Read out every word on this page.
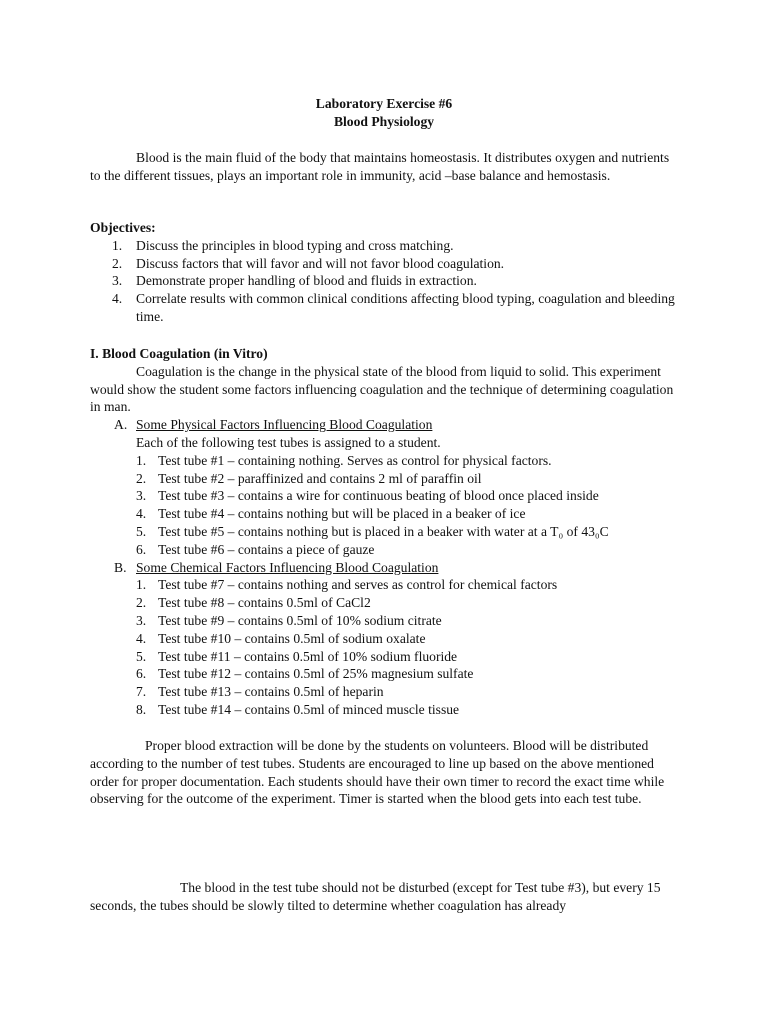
Laboratory Exercise #6
Blood Physiology
Blood is the main fluid of the body that maintains homeostasis. It distributes oxygen and nutrients to the different tissues, plays an important role in immunity, acid –base balance and hemostasis.
Objectives:
1. Discuss the principles in blood typing and cross matching.
2. Discuss factors that will favor and will not favor blood coagulation.
3. Demonstrate proper handling of blood and fluids in extraction.
4. Correlate results with common clinical conditions affecting blood typing, coagulation and bleeding time.
I. Blood Coagulation (in Vitro)
Coagulation is the change in the physical state of the blood from liquid to solid. This experiment would show the student some factors influencing coagulation and the technique of determining coagulation in man.
A. Some Physical Factors Influencing Blood Coagulation
Each of the following test tubes is assigned to a student.
1. Test tube #1 – containing nothing. Serves as control for physical factors.
2. Test tube #2 – paraffinized and contains 2 ml of paraffin oil
3. Test tube #3 – contains a wire for continuous beating of blood once placed inside
4. Test tube #4 – contains nothing but will be placed in a beaker of ice
5. Test tube #5 – contains nothing but is placed in a beaker with water at a T₀ of 43₀C
6. Test tube #6 – contains a piece of gauze
B. Some Chemical Factors Influencing Blood Coagulation
1. Test tube #7 – contains nothing and serves as control for chemical factors
2. Test tube #8 – contains 0.5ml of CaCl2
3. Test tube #9 – contains 0.5ml of 10% sodium citrate
4. Test tube #10 – contains 0.5ml of sodium oxalate
5. Test tube #11 – contains 0.5ml of 10% sodium fluoride
6. Test tube #12 – contains 0.5ml of 25% magnesium sulfate
7. Test tube #13 – contains 0.5ml of heparin
8. Test tube #14 – contains 0.5ml of minced muscle tissue
Proper blood extraction will be done by the students on volunteers. Blood will be distributed according to the number of test tubes. Students are encouraged to line up based on the above mentioned order for proper documentation. Each students should have their own timer to record the exact time while observing for the outcome of the experiment. Timer is started when the blood gets into each test tube.
The blood in the test tube should not be disturbed (except for Test tube #3), but every 15 seconds, the tubes should be slowly tilted to determine whether coagulation has already
